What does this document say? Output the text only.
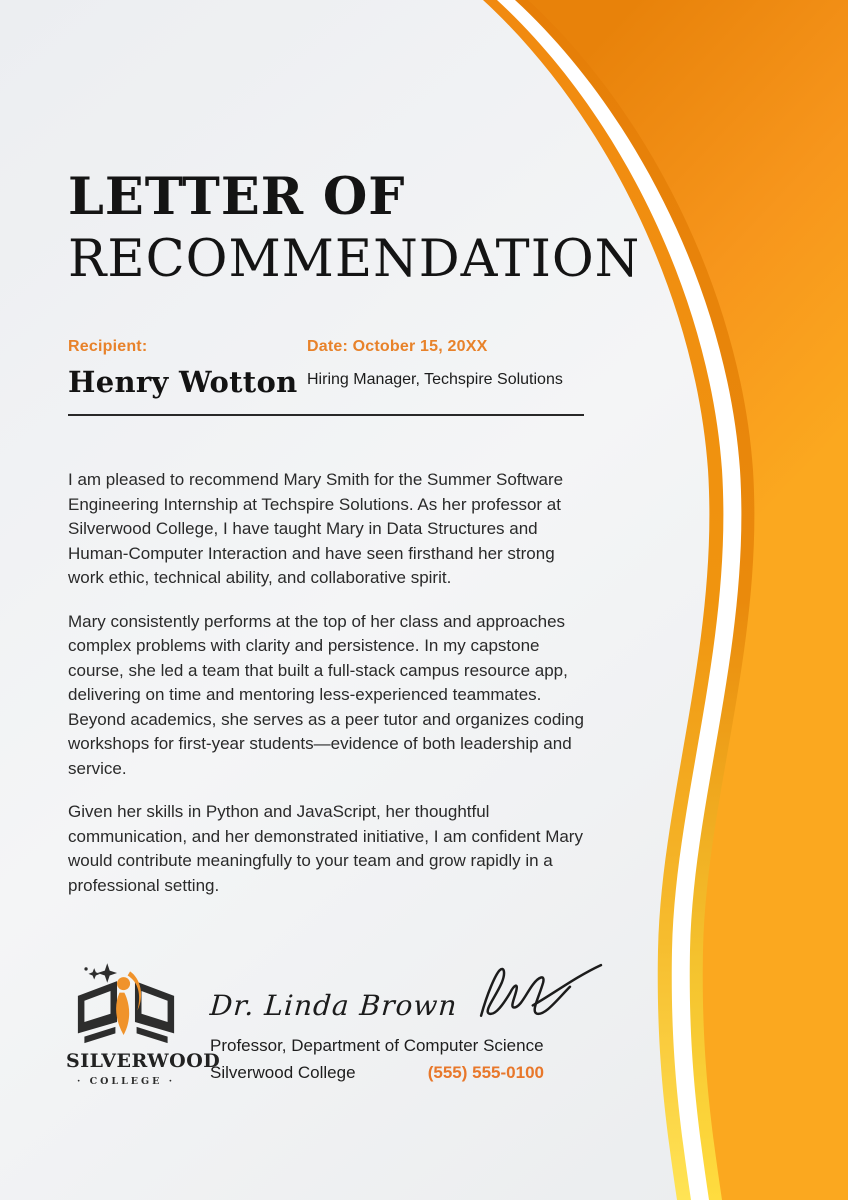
LETTER OF
RECOMMENDATION
Recipient:
Henry Wotton
Date: October 15, 20XX
Hiring Manager, Techspire Solutions

I am pleased to recommend Mary Smith for the Summer Software Engineering Internship at Techspire Solutions. As her professor at Silverwood College, I have taught Mary in Data Structures and Human-Computer Interaction and have seen firsthand her strong work ethic, technical ability, and collaborative spirit.

Mary consistently performs at the top of her class and approaches complex problems with clarity and persistence. In my capstone course, she led a team that built a full-stack campus resource app, delivering on time and mentoring less-experienced teammates. Beyond academics, she serves as a peer tutor and organizes coding workshops for first-year students—evidence of both leadership and service.

Given her skills in Python and JavaScript, her thoughtful communication, and her demonstrated initiative, I am confident Mary would contribute meaningfully to your team and grow rapidly in a professional setting.

SILVERWOOD
· COLLEGE ·
Dr. Linda Brown
Professor, Department of Computer Science
Silverwood College	(555) 555-0100
